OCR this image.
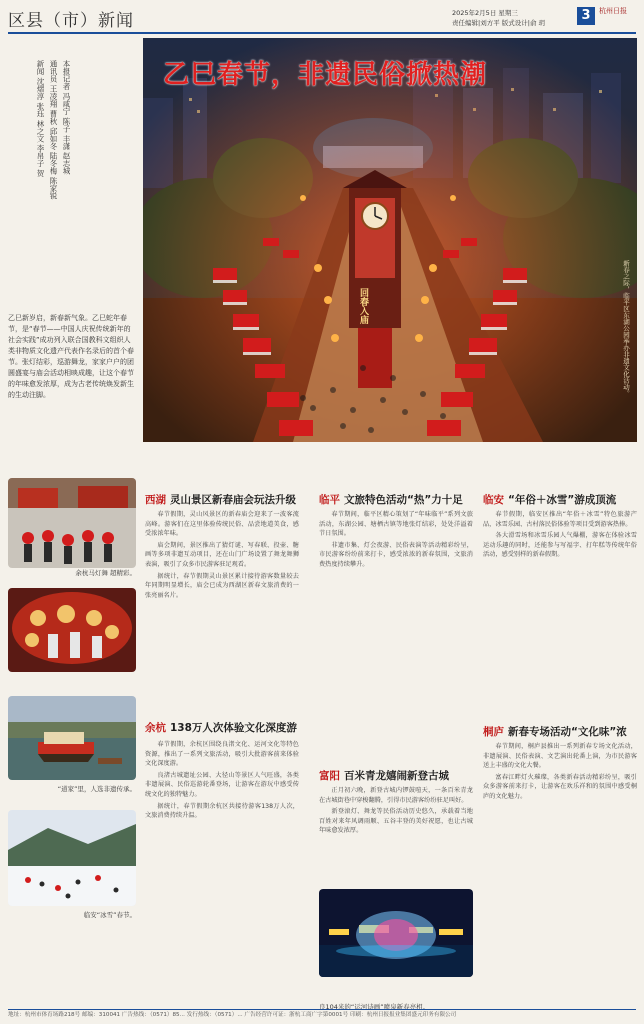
区县（市）新闻	2025年2月5日 星期三
责任编辑|刘方平 版式设计|俞 玥	3	杭州日报
乙巳春节，非遗民俗掀热潮
回春入庙	新春之际，临平区东湖公园举办非遗文化活动。
本报记者 冯咸宁 陈子 丰潇 赵志城
通讯员 王凌翔 曹秋 邱如冬 陆冬梅 陈家锐
新闻 沈熠淳 张珏 林之文 李帛子 贺
乙巳新岁启，新春新气象。乙巳蛇年春节，是“春节——中国人庆祝传统新年的社会实践”成功列入联合国教科文组织人类非物质文化遗产代表作名录后的首个春节。张灯结彩，巡游舞龙，家家户户的团圆盛宴与庙会活动相映成趣，让这个春节的年味愈发浓厚，成为古老传统焕发新生的生动注脚。
余杭马灯舞 超精彩。
“道家”里，人选非遗传承。
临安“冰雪”春节。
西湖 灵山景区新春庙会玩法升级

春节假期，灵山风景区的新春庙会迎来了一波客流高峰。游客们在这里体验传统民俗、品尝地道美食，感受浓浓年味。

庙会期间，景区推出了猜灯谜、写春联、投壶、糖画等多项非遗互动项目，还在山门广场设置了舞龙舞狮表演，吸引了众多市民游客驻足观看。

据统计，春节假期灵山景区累计接待游客数量较去年同期明显增长，庙会已成为西湖区新春文旅消费的一张亮丽名片。

余杭 138万人次体验文化深度游

春节假期，余杭区围绕良渚文化、运河文化等特色资源，推出了一系列文旅活动，吸引大批游客前来体验文化深度游。

良渚古城遗址公园、大径山等景区人气旺盛，各类非遗展演、民俗巡游轮番登场，让游客在游玩中感受传统文化的独特魅力。

据统计，春节假期余杭区共接待游客138万人次，文旅消费持续升温。

临平 文旅特色活动“热”力十足

春节期间，临平区精心策划了“年味临平”系列文旅活动，东湖公园、塘栖古镇等地张灯结彩，处处洋溢着节日氛围。

非遗市集、灯会夜游、民俗表演等活动精彩纷呈，市民游客纷纷前来打卡，感受浓浓的新春氛围，文旅消费热度持续攀升。

富阳 百米青龙嬉闹新登古城

正月初六晚，新登古城内锣鼓喧天，一条百米青龙在古城街巷中穿梭翻腾，引得市民游客纷纷驻足叫好。

新登滚灯、舞龙等民俗活动历史悠久，承载着当地百姓对来年风调雨顺、五谷丰登的美好祝愿，也让古城年味愈发浓厚。

良104米的“运河诗画”喷泉新春亮相。
临安 “年俗＋冰雪”游成顶流

春节假期，临安区推出“年俗＋冰雪”特色旅游产品，冰雪乐园、古村落民俗体验等项目受到游客热捧。

各大滑雪场和冰雪乐园人气爆棚，游客在体验冰雪运动乐趣的同时，还能参与写福字、打年糕等传统年俗活动，感受别样的新春假期。

桐庐 新春专场活动“文化味”浓

春节期间，桐庐县推出一系列新春专场文化活动，非遗展演、民俗表演、文艺演出轮番上演，为市民游客送上丰盛的文化大餐。

富春江畔灯火璀璨，各类新春活动精彩纷呈，吸引众多游客前来打卡，让游客在欢乐祥和的氛围中感受桐庐的文化魅力。

地址：杭州市体育场路218号 邮编：310041 广告热线：（0571）85... 发行热线：（0571）... 广告经营许可证：浙杭工商广字第0001号 印刷：杭州日报报业集团盛元印务有限公司
